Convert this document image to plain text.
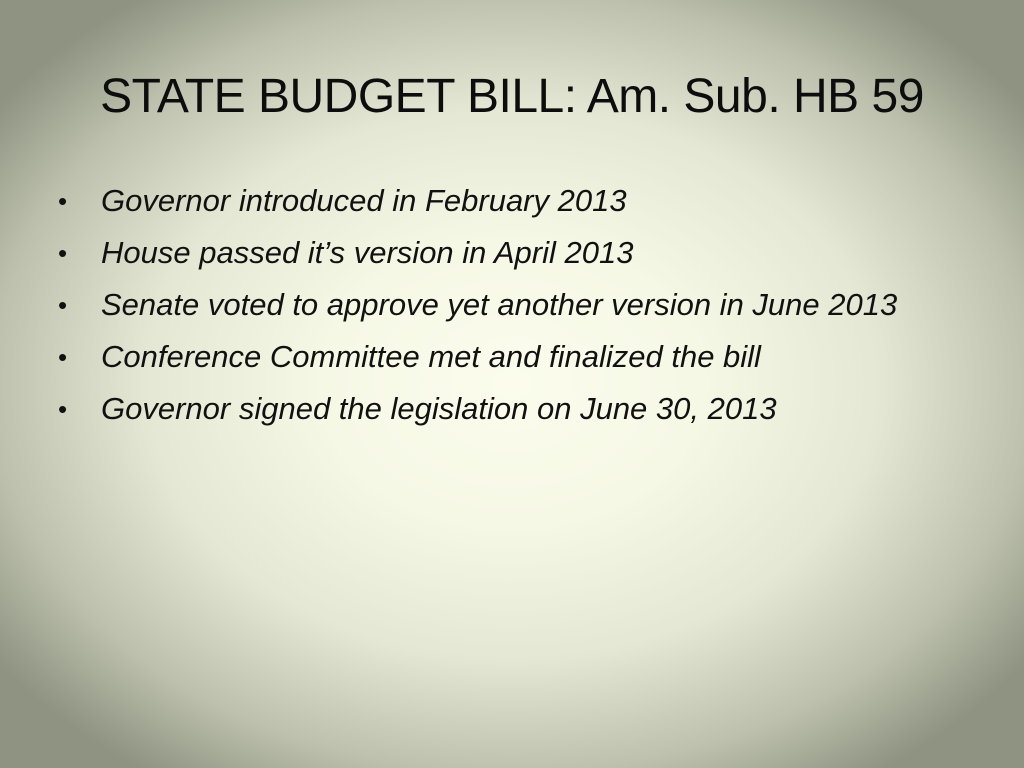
STATE BUDGET BILL: Am. Sub. HB 59
• Governor introduced in February 2013
• House passed it’s version in April 2013
• Senate voted to approve yet another version in June 2013
• Conference Committee met and finalized the bill
• Governor signed the legislation on June 30, 2013
